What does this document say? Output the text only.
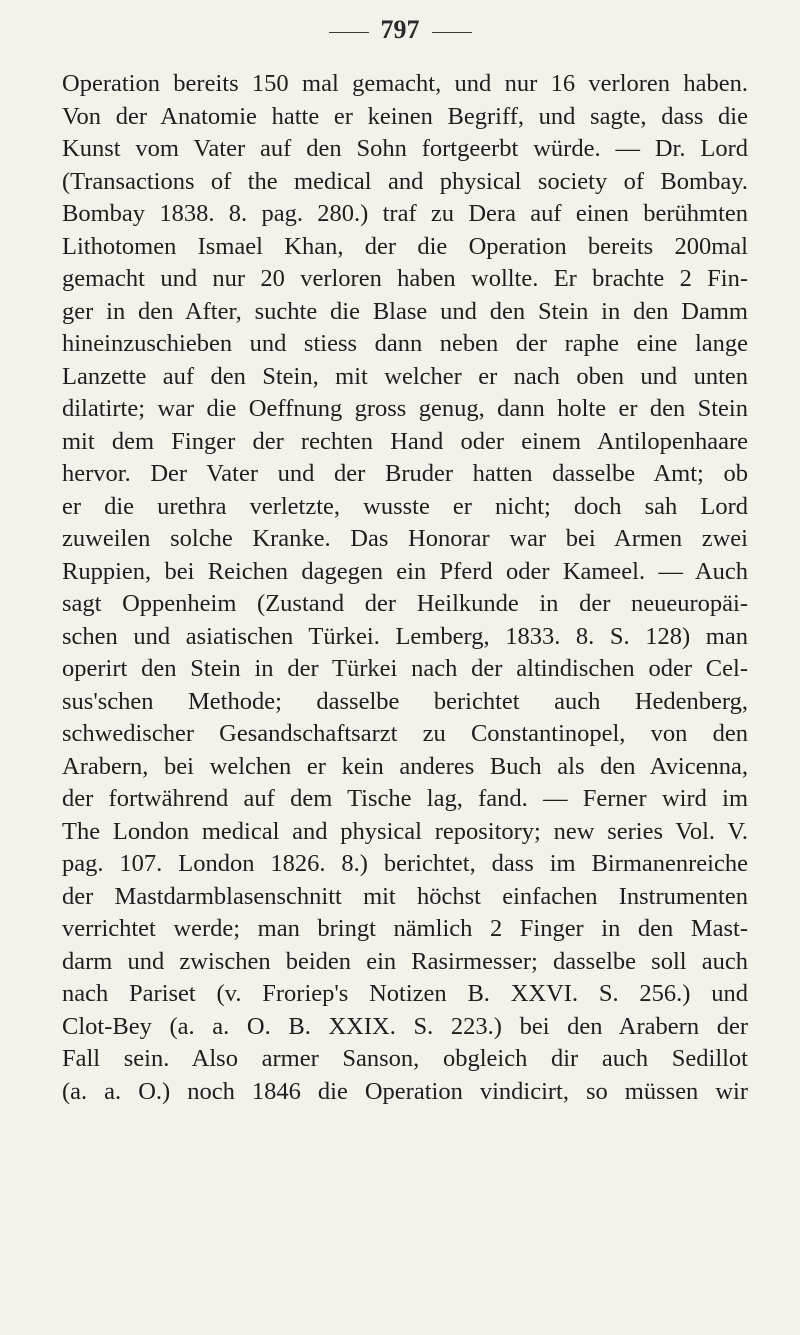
797
Operation bereits 150 mal gemacht, und nur 16 verloren haben.
Von der Anatomie hatte er keinen Begriff, und sagte, dass die
Kunst vom Vater auf den Sohn fortgeerbt würde. — Dr. Lord
(Transactions of the medical and physical society of Bombay.
Bombay 1838. 8. pag. 280.) traf zu Dera auf einen berühmten
Lithotomen Ismael Khan, der die Operation bereits 200mal
gemacht und nur 20 verloren haben wollte. Er brachte 2 Fin-
ger in den After, suchte die Blase und den Stein in den Damm
hineinzuschieben und stiess dann neben der raphe eine lange
Lanzette auf den Stein, mit welcher er nach oben und unten
dilatirte; war die Oeffnung gross genug, dann holte er den Stein
mit dem Finger der rechten Hand oder einem Antilopenhaare
hervor. Der Vater und der Bruder hatten dasselbe Amt; ob
er die urethra verletzte, wusste er nicht; doch sah Lord
zuweilen solche Kranke. Das Honorar war bei Armen zwei
Ruppien, bei Reichen dagegen ein Pferd oder Kameel. — Auch
sagt Oppenheim (Zustand der Heilkunde in der neueuropäi-
schen und asiatischen Türkei. Lemberg, 1833. 8. S. 128) man
operirt den Stein in der Türkei nach der altindischen oder Cel-
sus'schen Methode; dasselbe berichtet auch Hedenberg,
schwedischer Gesandschaftsarzt zu Constantinopel, von den
Arabern, bei welchen er kein anderes Buch als den Avicenna,
der fortwährend auf dem Tische lag, fand. — Ferner wird im
The London medical and physical repository; new series Vol. V.
pag. 107. London 1826. 8.) berichtet, dass im Birmanenreiche
der Mastdarmblasenschnitt mit höchst einfachen Instrumenten
verrichtet werde; man bringt nämlich 2 Finger in den Mast-
darm und zwischen beiden ein Rasirmesser; dasselbe soll auch
nach Pariset (v. Froriep's Notizen B. XXVI. S. 256.) und
Clot-Bey (a. a. O. B. XXIX. S. 223.) bei den Arabern der
Fall sein. Also armer Sanson, obgleich dir auch Sedillot
(a. a. O.) noch 1846 die Operation vindicirt, so müssen wir
